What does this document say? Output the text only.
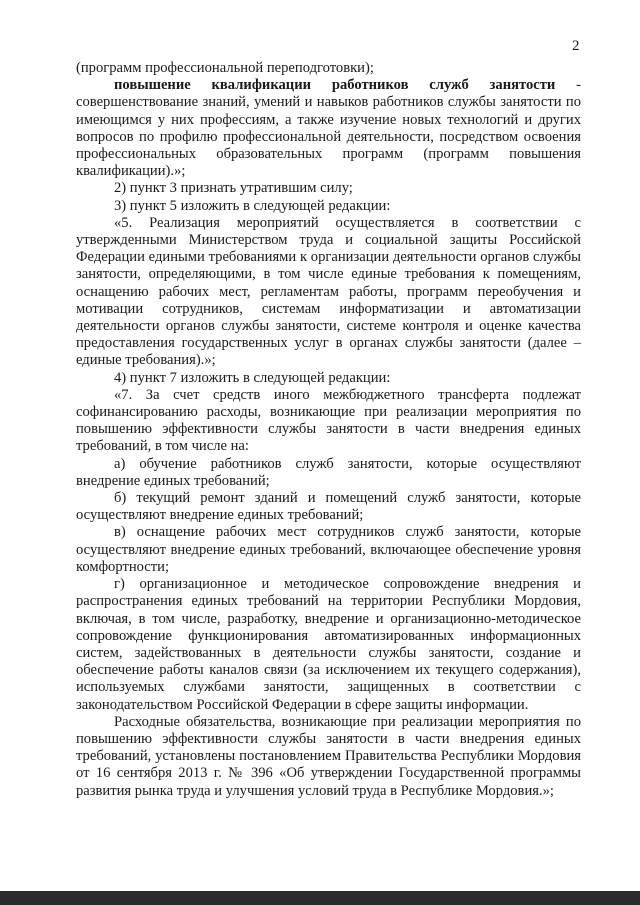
2

(программ профессиональной переподготовки);

повышение квалификации работников служб занятости - совершенствование знаний, умений и навыков работников службы занятости по имеющимся у них профессиям, а также изучение новых технологий и других вопросов по профилю профессиональной деятельности, посредством освоения профессиональных образовательных программ (программ повышения квалификации).»;

2) пункт 3 признать утратившим силу;

3) пункт 5 изложить в следующей редакции:

«5. Реализация мероприятий осуществляется в соответствии с утвержденными Министерством труда и социальной защиты Российской Федерации едиными требованиями к организации деятельности органов службы занятости, определяющими, в том числе единые требования к помещениям, оснащению рабочих мест, регламентам работы, программ переобучения и мотивации сотрудников, системам информатизации и автоматизации деятельности органов службы занятости, системе контроля и оценке качества предоставления государственных услуг в органах службы занятости (далее – единые требования).»;

4) пункт 7 изложить в следующей редакции:

«7. За счет средств иного межбюджетного трансферта подлежат софинансированию расходы, возникающие при реализации мероприятия по повышению эффективности службы занятости в части внедрения единых требований, в том числе на:

а) обучение работников служб занятости, которые осуществляют внедрение единых требований;

б) текущий ремонт зданий и помещений служб занятости, которые осуществляют внедрение единых требований;

в) оснащение рабочих мест сотрудников служб занятости, которые осуществляют внедрение единых требований, включающее обеспечение уровня комфортности;

г) организационное и методическое сопровождение внедрения и распространения единых требований на территории Республики Мордовия, включая, в том числе, разработку, внедрение и организационно-методическое сопровождение функционирования автоматизированных информационных систем, задействованных в деятельности службы занятости, создание и обеспечение работы каналов связи (за исключением их текущего содержания), используемых службами занятости, защищенных в соответствии с законодательством Российской Федерации в сфере защиты информации.

Расходные обязательства, возникающие при реализации мероприятия по повышению эффективности службы занятости в части внедрения единых требований, установлены постановлением Правительства Республики Мордовия от 16 сентября 2013 г. № 396 «Об утверждении Государственной программы развития рынка труда и улучшения условий труда в Республике Мордовия.»;
